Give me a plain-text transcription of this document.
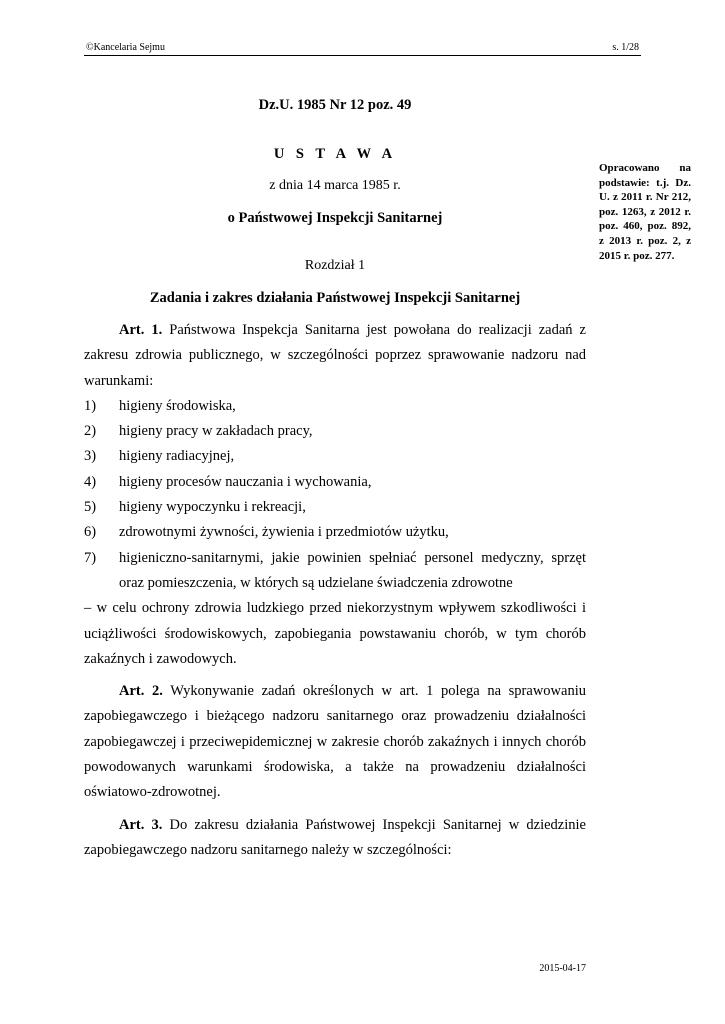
©Kancelaria Sejmu	s. 1/28
Dz.U. 1985 Nr 12 poz. 49
U S T A W A
z dnia 14 marca 1985 r.
o Państwowej Inspekcji Sanitarnej
Rozdział 1
Zadania i zakres działania Państwowej Inspekcji Sanitarnej
Opracowano na podstawie: t.j. Dz. U. z 2011 r. Nr 212, poz. 1263, z 2012 r. poz. 460, poz. 892, z 2013 r. poz. 2, z 2015 r. poz. 277.

Art. 1. Państwowa Inspekcja Sanitarna jest powołana do realizacji zadań z zakresu zdrowia publicznego, w szczególności poprzez sprawowanie nadzoru nad warunkami:

1) higieny środowiska,
2) higieny pracy w zakładach pracy,
3) higieny radiacyjnej,
4) higieny procesów nauczania i wychowania,
5) higieny wypoczynku i rekreacji,
6) zdrowotnymi żywności, żywienia i przedmiotów użytku,
7) higieniczno-sanitarnymi, jakie powinien spełniać personel medyczny, sprzęt oraz pomieszczenia, w których są udzielane świadczenia zdrowotne

– w celu ochrony zdrowia ludzkiego przed niekorzystnym wpływem szkodliwości i uciążliwości środowiskowych, zapobiegania powstawaniu chorób, w tym chorób zakaźnych i zawodowych.

Art. 2. Wykonywanie zadań określonych w art. 1 polega na sprawowaniu zapobiegawczego i bieżącego nadzoru sanitarnego oraz prowadzeniu działalności zapobiegawczej i przeciwepidemicznej w zakresie chorób zakaźnych i innych chorób powodowanych warunkami środowiska, a także na prowadzeniu działalności oświatowo-zdrowotnej.

Art. 3. Do zakresu działania Państwowej Inspekcji Sanitarnej w dziedzinie zapobiegawczego nadzoru sanitarnego należy w szczególności:

2015-04-17
